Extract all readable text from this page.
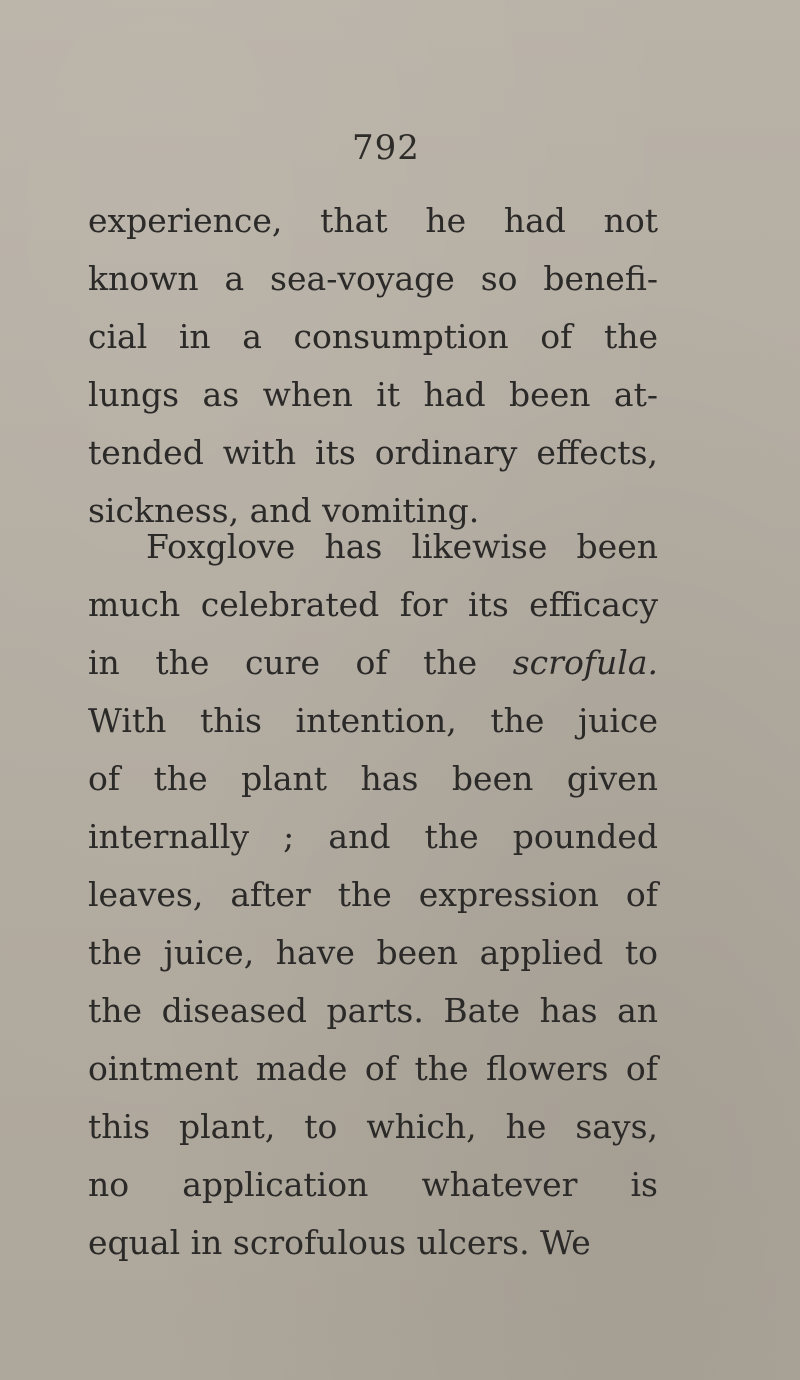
792
experience, that he had not
known a sea-voyage so benefi-
cial in a consumption of the
lungs as when it had been at-
tended with its ordinary effects,
sickness, and vomiting.
Foxglove has likewise been
much celebrated for its efficacy
in the cure of the scrofula.
With this intention, the juice
of the plant has been given
internally ; and the pounded
leaves, after the expression of
the juice, have been applied to
the diseased parts. Bate has an
ointment made of the flowers of
this plant, to which, he says,
no application whatever is
equal in scrofulous ulcers. We
